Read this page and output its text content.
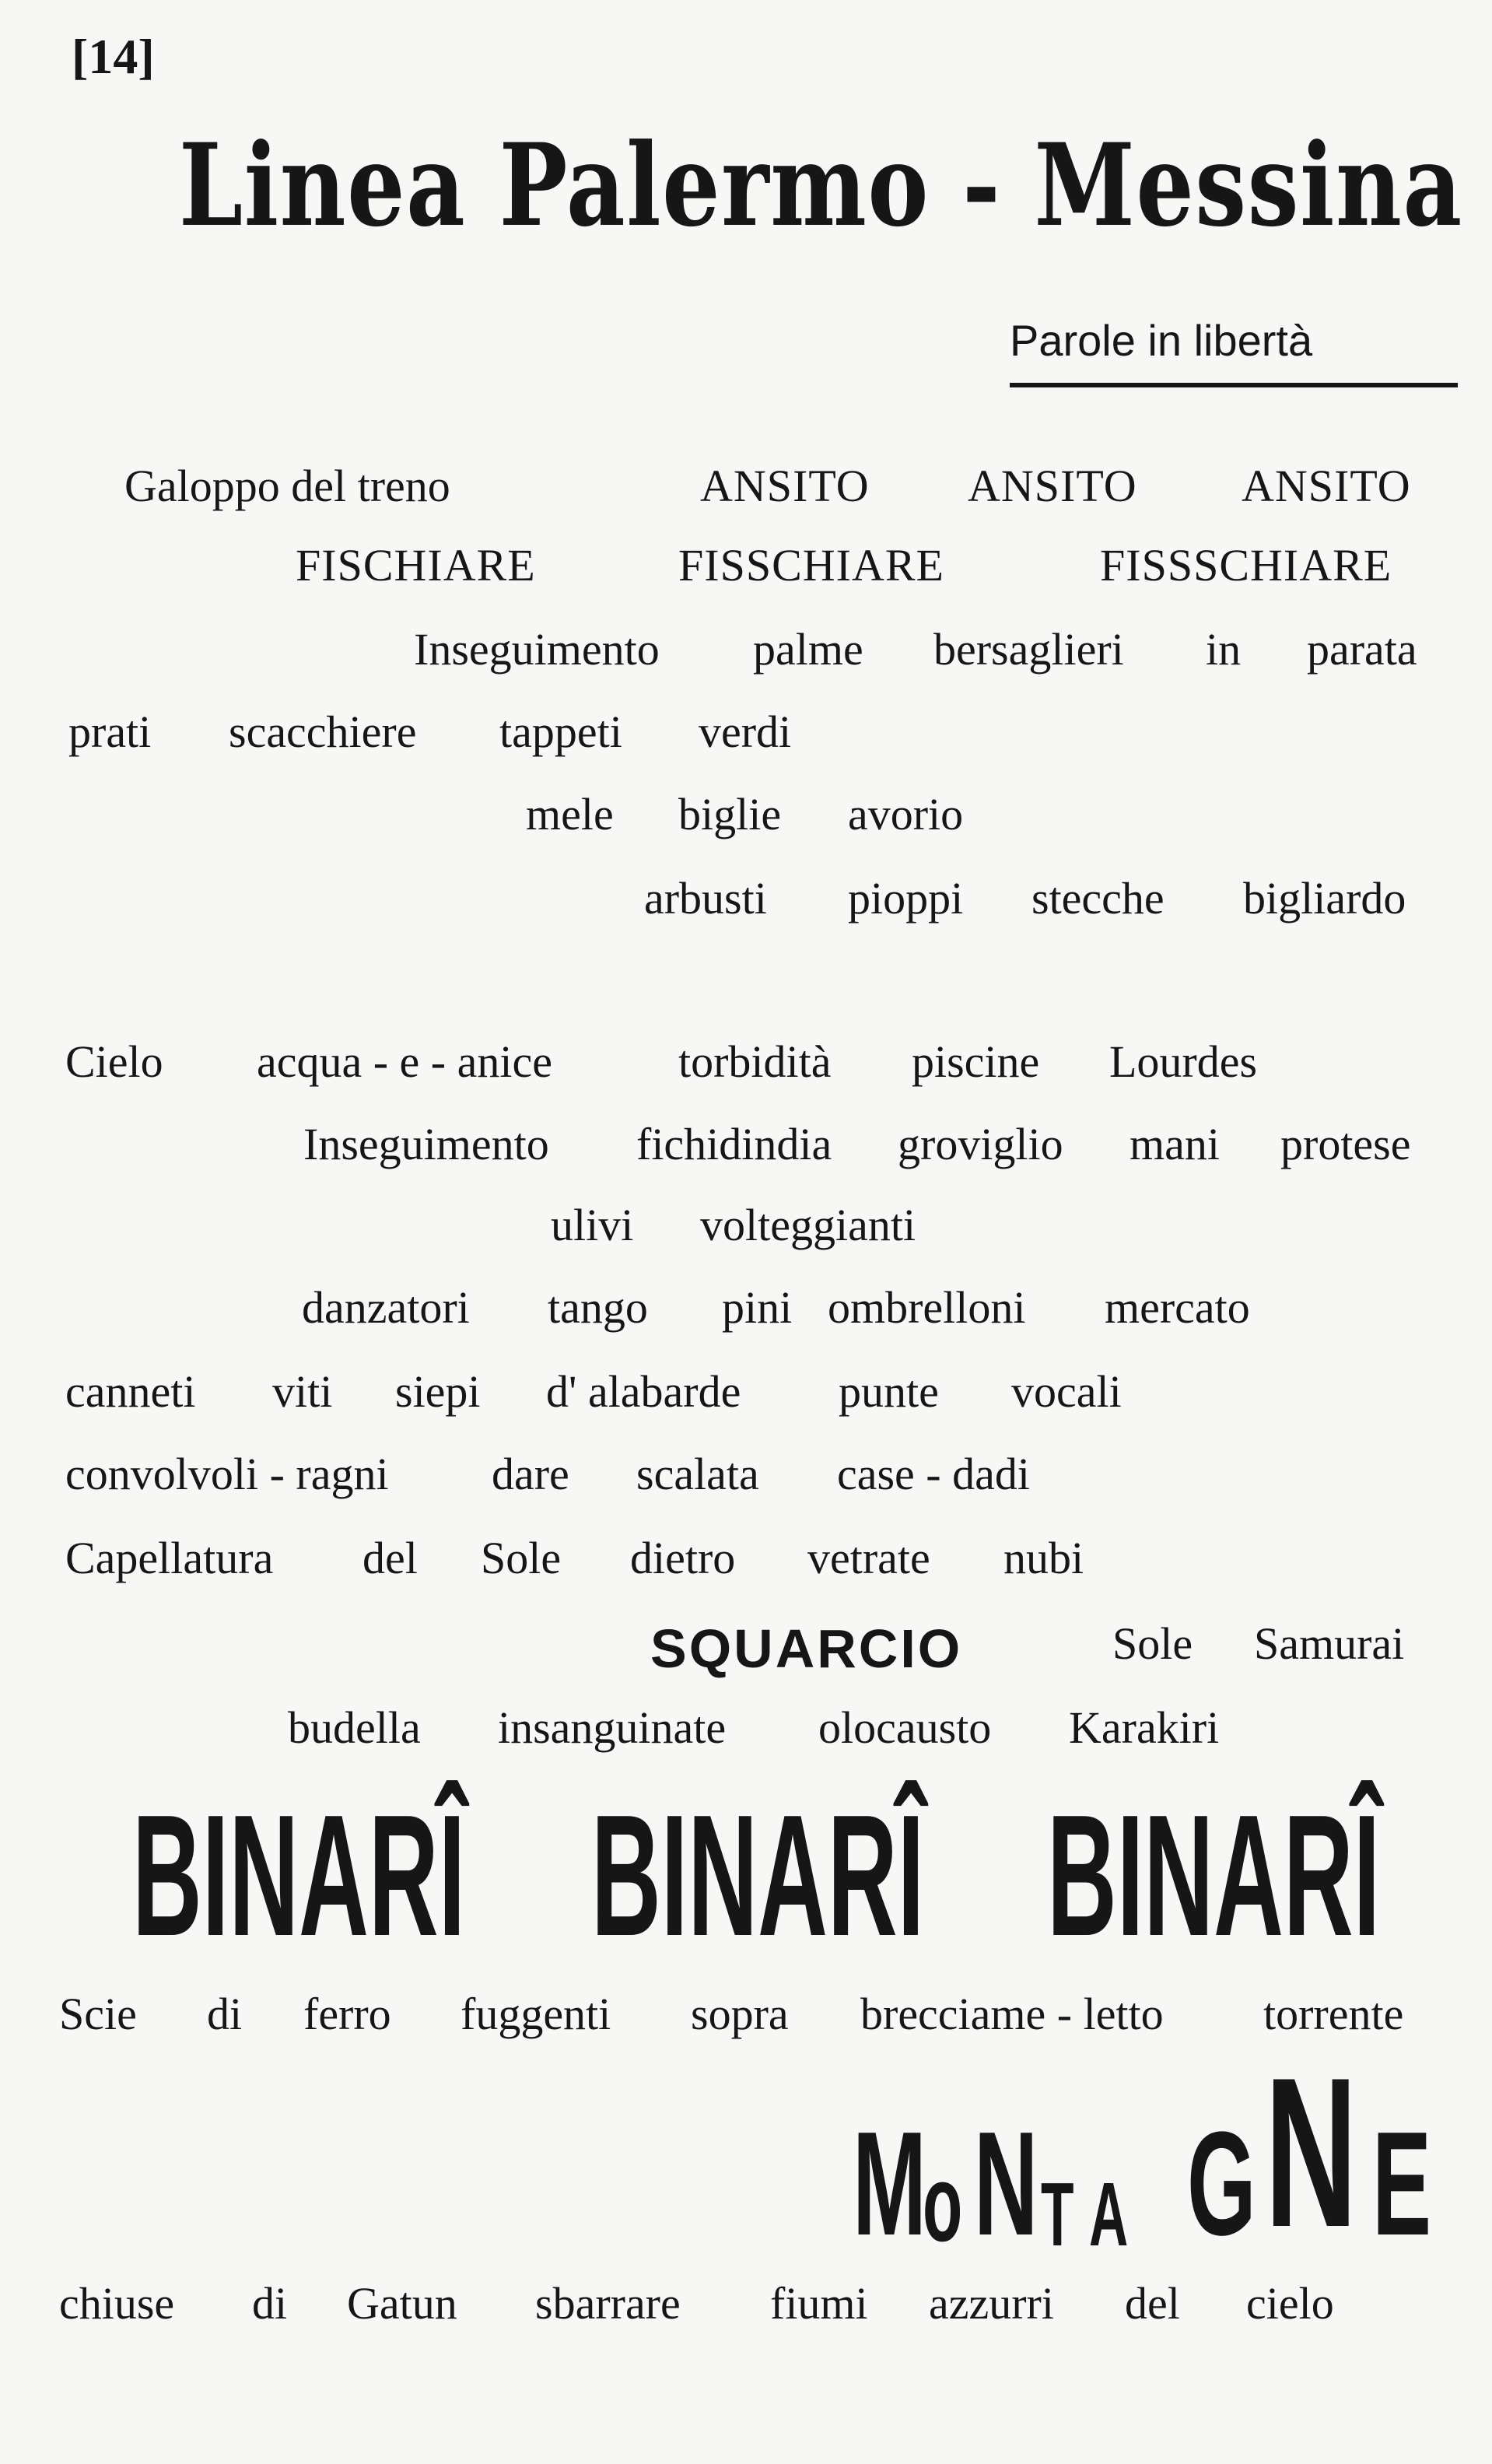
[14]
Linea Palermo - Messina
Parole in libertà
Galoppo del treno	ANSITO ANSITO ANSITO
FISCHIARE	FISSCHIARE	FISSSCHIARE
Inseguimento palme bersaglieri in parata
prati scacchiere tappeti verdi
mele biglie avorio
arbusti pioppi stecche bigliardo
Cielo acqua - e - anice	torbidità piscine Lourdes
Inseguimento fichidindia groviglio mani protese
ulivi volteggianti
danzatori tango pini ombrelloni mercato
canneti viti siepi d' alabarde punte vocali
convolvoli - ragni dare scalata case - dadi
Capellatura del Sole dietro vetrate nubi
SQUARCIO	Sole Samurai
budella insanguinate olocausto Karakiri
BINARÎ BINARÎ BINARÎ
Scie di ferro fuggenti sopra brecciame - letto torrente
M
o N T A G N E
chiuse di Gatun sbarrare fiumi azzurri del cielo
